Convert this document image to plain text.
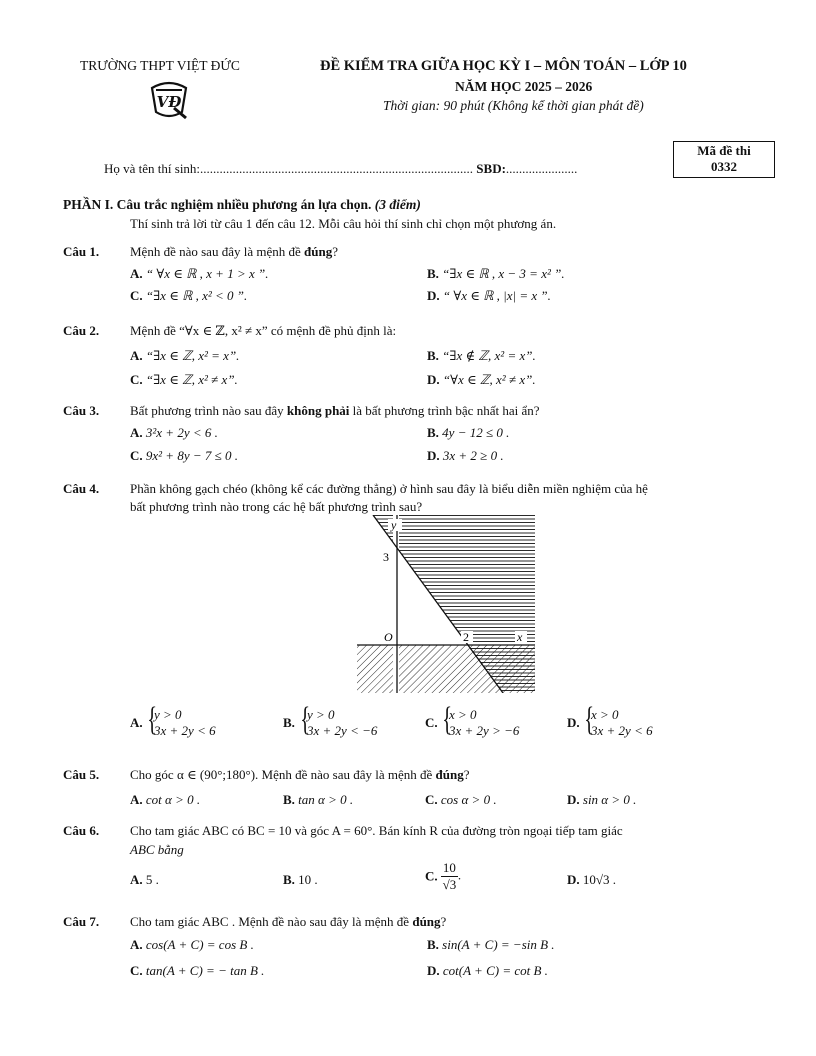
TRƯỜNG THPT VIỆT ĐỨC
VĐ
ĐỀ KIỂM TRA GIỮA HỌC KỲ I – MÔN TOÁN – LỚP 10
NĂM HỌC 2025 – 2026
Thời gian: 90 phút (Không kể thời gian phát đề)
Mã đề thi
0332
Họ và tên thí sinh:.................................................................................... SBD:......................
PHẦN I. Câu trắc nghiệm nhiều phương án lựa chọn. (3 điểm)
Thí sinh trả lời từ câu 1 đến câu 12. Mỗi câu hỏi thí sinh chỉ chọn một phương án.
Câu 1. Mệnh đề nào sau đây là mệnh đề đúng?
A. “ ∀x ∈ ℝ , x + 1 > x ”.	B. “∃x ∈ ℝ , x − 3 = x² ”.
C. “∃x ∈ ℝ , x² < 0 ”.	D. “ ∀x ∈ ℝ , |x| = x ”.
Câu 2. Mệnh đề “∀x ∈ ℤ, x² ≠ x” có mệnh đề phủ định là:
A. “∃x ∈ ℤ, x² = x”.	B. “∃x ∉ ℤ, x² = x”.
C. “∃x ∈ ℤ, x² ≠ x”.	D. “∀x ∈ ℤ, x² ≠ x”.
Câu 3. Bất phương trình nào sau đây không phải là bất phương trình bậc nhất hai ẩn?
A. 3²x + 2y < 6 .	B. 4y − 12 ≤ 0 .
C. 9x² + 8y − 7 ≤ 0 .	D. 3x + 2 ≥ 0 .
Câu 4. Phần không gạch chéo (không kể các đường thẳng) ở hình sau đây là biểu diễn miền nghiệm của hệ
bất phương trình nào trong các hệ bất phương trình sau?
y
3
O	2	x
A. {
y > 0
3x + 2y < 6
B. {
y > 0
3x + 2y < −6
C. {
x > 0
3x + 2y > −6
D. {
x > 0
3x + 2y < 6
Câu 5. Cho góc α ∈ (90°;180°). Mệnh đề nào sau đây là mệnh đề đúng?
A. cot α > 0 .	B. tan α > 0 .	C. cos α > 0 .	D. sin α > 0 .
Câu 6. Cho tam giác ABC có BC = 10 và góc A = 60°. Bán kính R của đường tròn ngoại tiếp tam giác
ABC bằng
A. 5 .	B. 10 .	C. $\frac{10}{√3}$ .	D. 10√3 .
Câu 7. Cho tam giác ABC . Mệnh đề nào sau đây là mệnh đề đúng?
A. cos(A + C) = cos B .	B. sin(A + C) = −sin B .
C. tan(A + C) = − tan B .	D. cot(A + C) = cot B .
